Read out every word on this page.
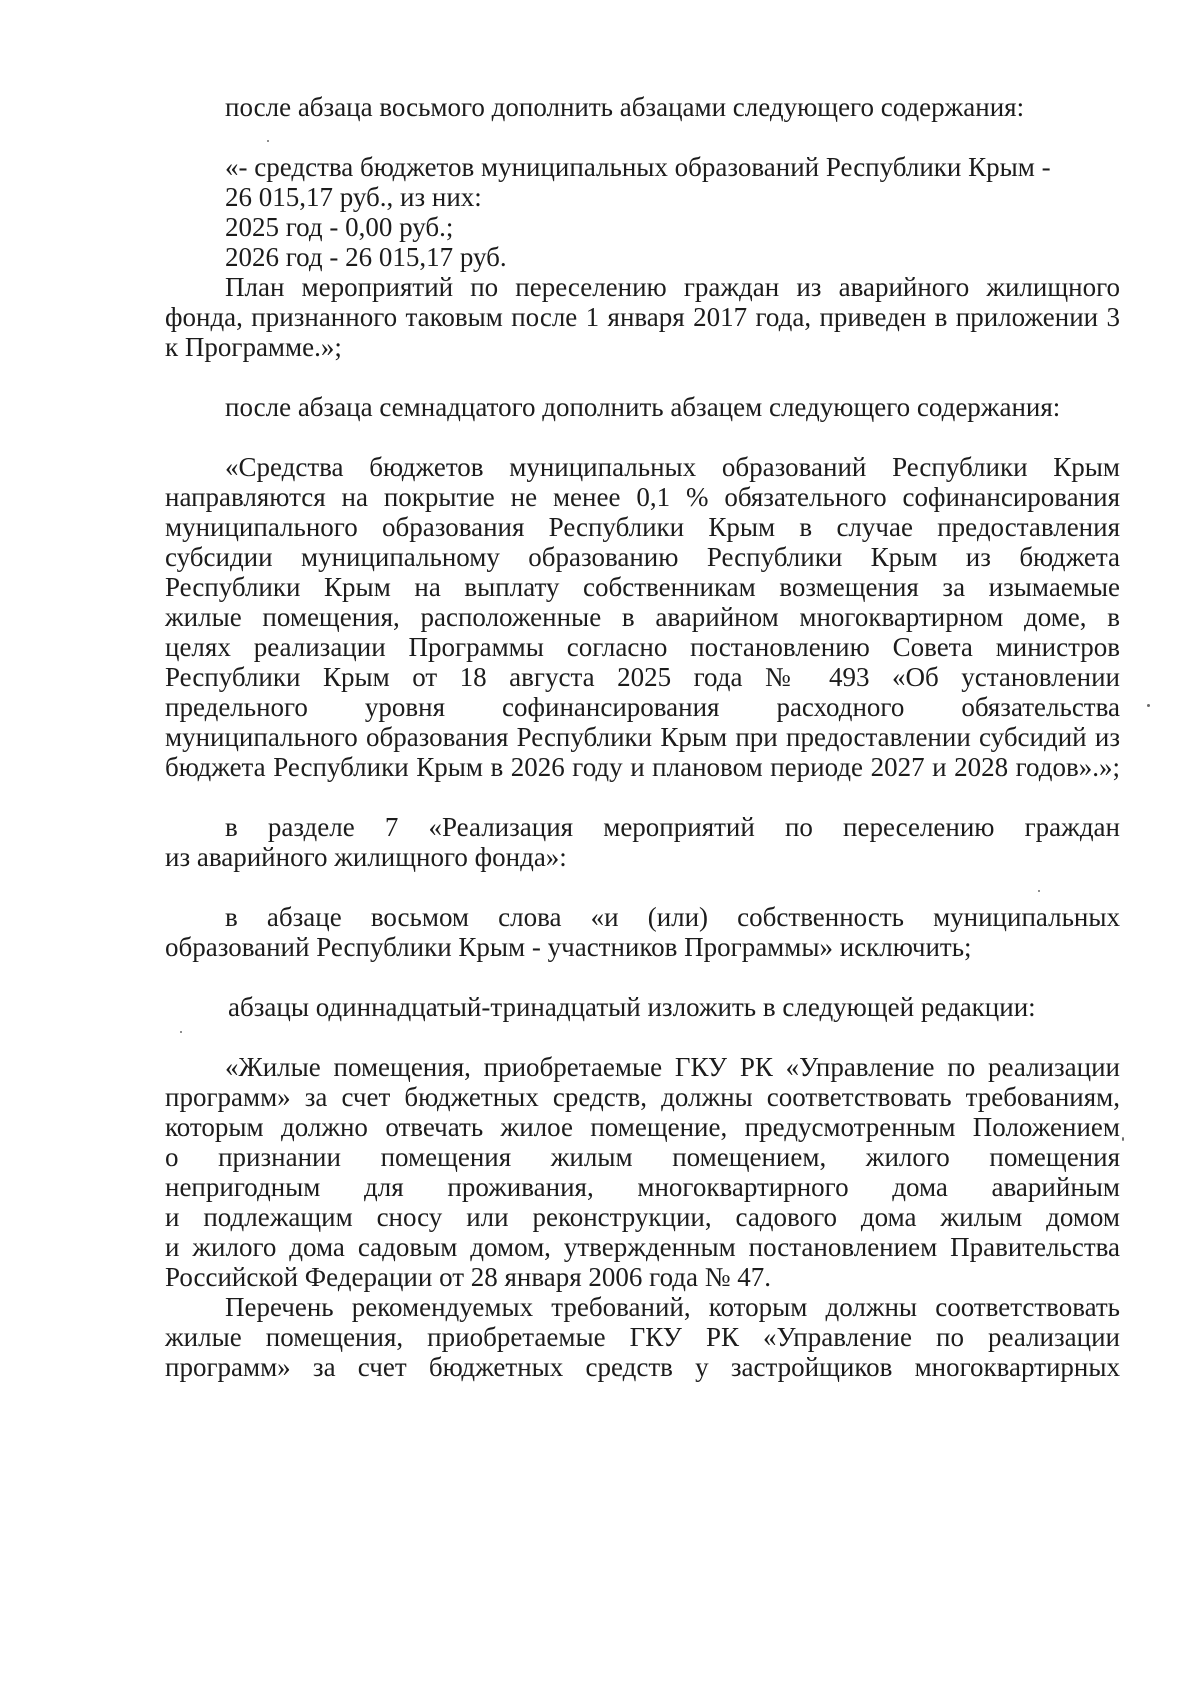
после абзаца восьмого дополнить абзацами следующего содержания:
«- средства бюджетов муниципальных образований Республики Крым -
26 015,17 руб., из них:
2025 год - 0,00 руб.;
2026 год - 26 015,17 руб.
План мероприятий по переселению граждан из аварийного жилищного
фонда, признанного таковым после 1 января 2017 года, приведен в приложении 3
к Программе.»;
после абзаца семнадцатого дополнить абзацем следующего содержания:
«Средства бюджетов муниципальных образований Республики Крым
направляются на покрытие не менее 0,1 % обязательного софинансирования
муниципального образования Республики Крым в случае предоставления
субсидии муниципальному образованию Республики Крым из бюджета
Республики Крым на выплату собственникам возмещения за изымаемые
жилые помещения, расположенные в аварийном многоквартирном доме, в
целях реализации Программы согласно постановлению Совета министров
Республики Крым от 18 августа 2025 года № 493 «Об установлении
предельного уровня софинансирования расходного обязательства
муниципального образования Республики Крым при предоставлении субсидий из
бюджета Республики Крым в 2026 году и плановом периоде 2027 и 2028 годов».»;
в разделе 7 «Реализация мероприятий по переселению граждан
из аварийного жилищного фонда»:
в абзаце восьмом слова «и (или) собственность муниципальных
образований Республики Крым - участников Программы» исключить;
абзацы одиннадцатый-тринадцатый изложить в следующей редакции:
«Жилые помещения, приобретаемые ГКУ РК «Управление по реализации
программ» за счет бюджетных средств, должны соответствовать требованиям,
которым должно отвечать жилое помещение, предусмотренным Положением
о признании помещения жилым помещением, жилого помещения
непригодным для проживания, многоквартирного дома аварийным
и подлежащим сносу или реконструкции, садового дома жилым домом
и жилого дома садовым домом, утвержденным постановлением Правительства
Российской Федерации от 28 января 2006 года № 47.
Перечень рекомендуемых требований, которым должны соответствовать
жилые помещения, приобретаемые ГКУ РК «Управление по реализации
программ» за счет бюджетных средств у застройщиков многоквартирных
